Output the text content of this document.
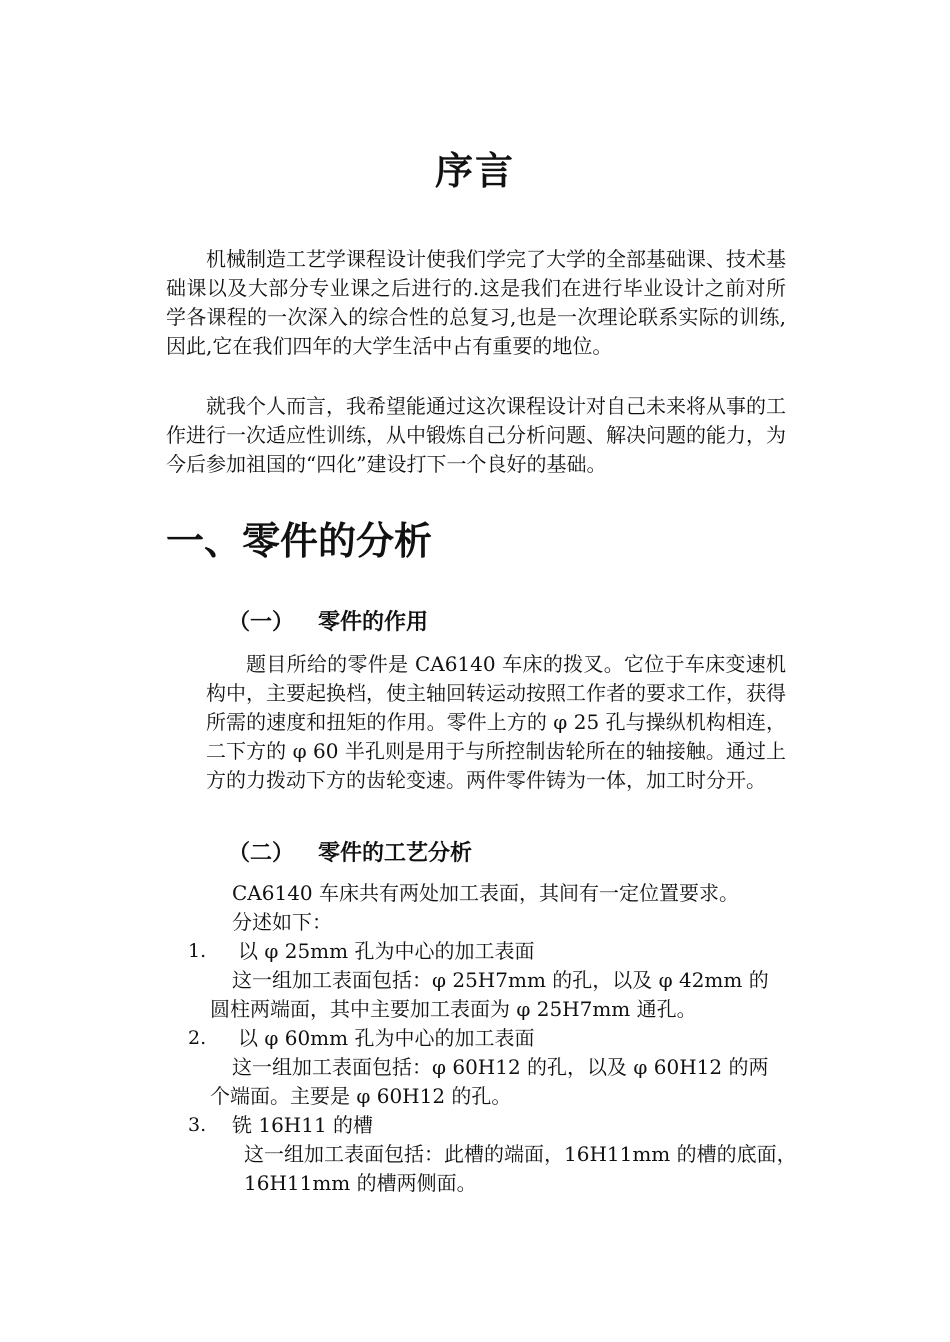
序言
机械制造工艺学课程设计使我们学完了大学的全部基础课、技术基础课以及大部分专业课之后进行的.这是我们在进行毕业设计之前对所学各课程的一次深入的综合性的总复习,也是一次理论联系实际的训练,因此,它在我们四年的大学生活中占有重要的地位。
就我个人而言，我希望能通过这次课程设计对自己未来将从事的工作进行一次适应性训练，从中锻炼自己分析问题、解决问题的能力，为今后参加祖国的“四化”建设打下一个良好的基础。
一、零件的分析
（一） 零件的作用
题目所给的零件是 CA6140 车床的拨叉。它位于车床变速机构中，主要起换档，使主轴回转运动按照工作者的要求工作，获得所需的速度和扭矩的作用。零件上方的 φ 25 孔与操纵机构相连，二下方的 φ 60 半孔则是用于与所控制齿轮所在的轴接触。通过上方的力拨动下方的齿轮变速。两件零件铸为一体，加工时分开。
（二） 零件的工艺分析
CA6140 车床共有两处加工表面，其间有一定位置要求。
分述如下：
1. 以 φ 25mm 孔为中心的加工表面
这一组加工表面包括：φ 25H7mm 的孔，以及 φ 42mm 的
圆柱两端面，其中主要加工表面为 φ 25H7mm 通孔。
2. 以 φ 60mm 孔为中心的加工表面
这一组加工表面包括：φ 60H12 的孔，以及 φ 60H12 的两
个端面。主要是 φ 60H12 的孔。
3. 铣 16H11 的槽
这一组加工表面包括：此槽的端面，16H11mm 的槽的底面，
16H11mm 的槽两侧面。
